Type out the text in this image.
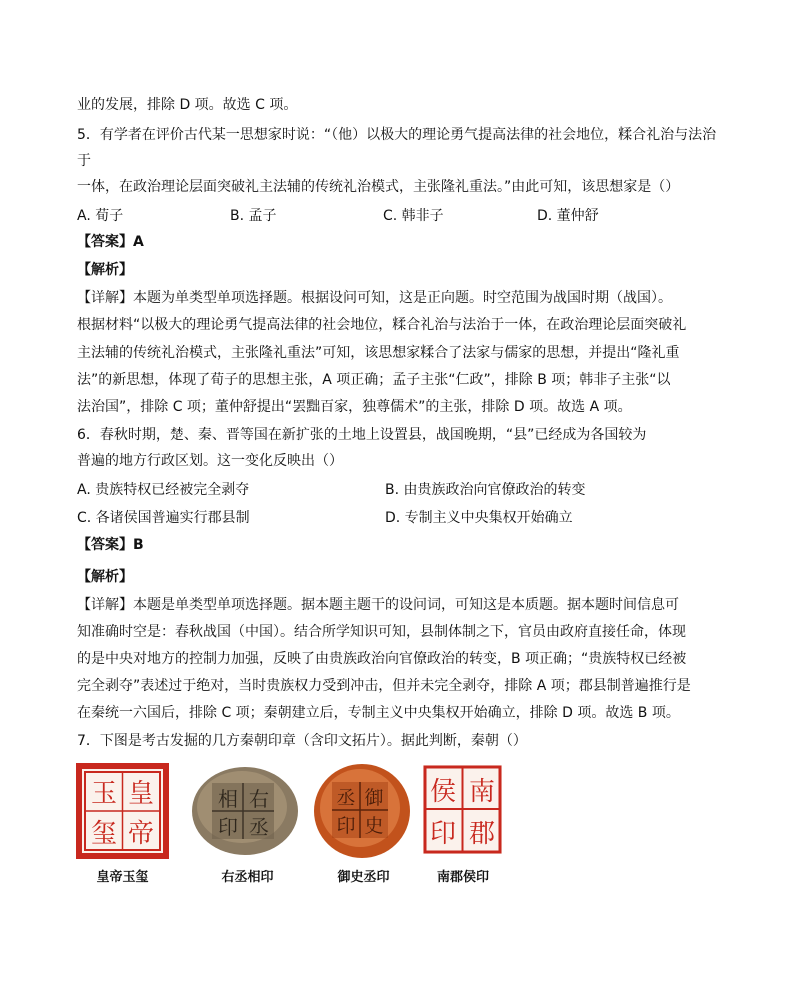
业的发展，排除 D 项。故选 C 项。
5．有学者在评价古代某一思想家时说：“（他）以极大的理论勇气提高法律的社会地位，糅合礼治与法治
于
一体，在政治理论层面突破礼主法辅的传统礼治模式，主张隆礼重法。”由此可知，该思想家是（）
A. 荀子	B. 孟子	C. 韩非子	D. 董仲舒
【答案】A
【解析】
【详解】本题为单类型单项选择题。根据设问可知，这是正向题。时空范围为战国时期（战国）。
根据材料“以极大的理论勇气提高法律的社会地位，糅合礼治与法治于一体，在政治理论层面突破礼
主法辅的传统礼治模式，主张隆礼重法”可知，该思想家糅合了法家与儒家的思想，并提出“隆礼重
法”的新思想，体现了荀子的思想主张，A 项正确；孟子主张“仁政”，排除 B 项；韩非子主张“以
法治国”，排除 C 项；董仲舒提出“罢黜百家，独尊儒术”的主张，排除 D 项。故选 A 项。
6．春秋时期，楚、秦、晋等国在新扩张的土地上设置县，战国晚期，“县”已经成为各国较为
普遍的地方行政区划。这一变化反映出（）
A. 贵族特权已经被完全剥夺	B. 由贵族政治向官僚政治的转变
C. 各诸侯国普遍实行郡县制	D. 专制主义中央集权开始确立
【答案】B
【解析】
【详解】本题是单类型单项选择题。据本题主题干的设问词，可知这是本质题。据本题时间信息可
知准确时空是：春秋战国（中国）。结合所学知识可知，县制体制之下，官员由政府直接任命，体现
的是中央对地方的控制力加强，反映了由贵族政治向官僚政治的转变，B 项正确；“贵族特权已经被
完全剥夺”表述过于绝对，当时贵族权力受到冲击，但并未完全剥夺，排除 A 项；郡县制普遍推行是
在秦统一六国后，排除 C 项；秦朝建立后，专制主义中央集权开始确立，排除 D 项。故选 B 项。
7．下图是考古发掘的几方秦朝印章（含印文拓片）。据此判断，秦朝（）
皇
帝
玉
玺
皇帝玉玺
右
丞
相
印
右丞相印
御
史
丞
印
御史丞印
南
郡
侯
印
南郡侯印
